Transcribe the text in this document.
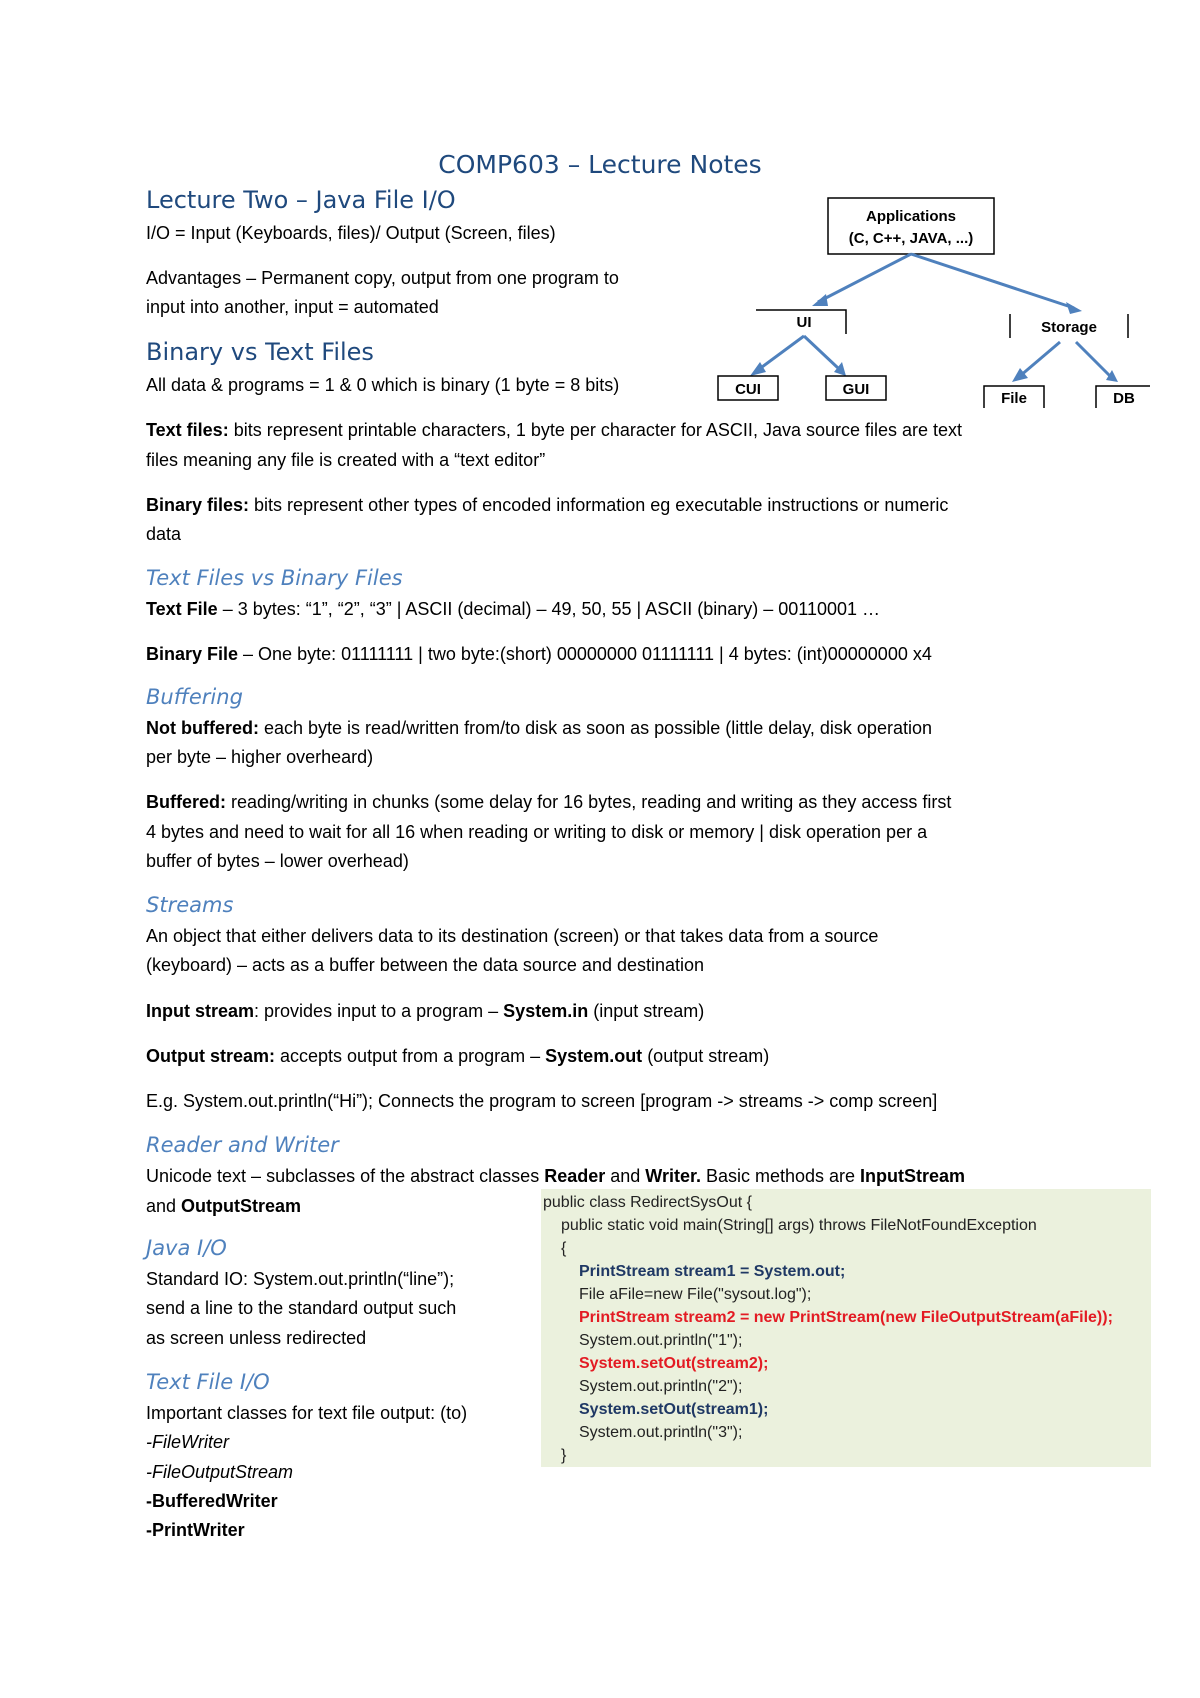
COMP603 – Lecture Notes
Lecture Two – Java File I/O
I/O = Input (Keyboards, files)/ Output (Screen, files)
Advantages – Permanent copy, output from one program to
input into another, input = automated
Applications
(C, C++, JAVA, ...)
UI	Storage
CUI	GUI
File	DB
Binary vs Text Files
All data & programs = 1 & 0 which is binary (1 byte = 8 bits)
Text files: bits represent printable characters, 1 byte per character for ASCII, Java source files are text
files meaning any file is created with a “text editor”
Binary files: bits represent other types of encoded information eg executable instructions or numeric
data
Text Files vs Binary Files
Text File – 3 bytes: “1”, “2”, “3” | ASCII (decimal) – 49, 50, 55 | ASCII (binary) – 00110001 …
Binary File – One byte: 01111111 | two byte:(short) 00000000 01111111 | 4 bytes: (int)00000000 x4
Buffering
Not buffered: each byte is read/written from/to disk as soon as possible (little delay, disk operation
per byte – higher overheard)
Buffered: reading/writing in chunks (some delay for 16 bytes, reading and writing as they access first
4 bytes and need to wait for all 16 when reading or writing to disk or memory | disk operation per a
buffer of bytes – lower overhead)
Streams
An object that either delivers data to its destination (screen) or that takes data from a source
(keyboard) – acts as a buffer between the data source and destination
Input stream: provides input to a program – System.in (input stream)
Output stream: accepts output from a program – System.out (output stream)
E.g. System.out.println(“Hi”); Connects the program to screen [program -> streams -> comp screen]
Reader and Writer
Unicode text – subclasses of the abstract classes Reader and Writer. Basic methods are InputStream
and OutputStream
Java I/O
Standard IO: System.out.println(“line”);
send a line to the standard output such
as screen unless redirected
Text File I/O
Important classes for text file output: (to)
-FileWriter
-FileOutputStream
-BufferedWriter
-PrintWriter
public class RedirectSysOut {
public static void main(String[] args) throws FileNotFoundException
{
PrintStream stream1 = System.out;
File aFile=new File("sysout.log");
PrintStream stream2 = new PrintStream(new FileOutputStream(aFile));
System.out.println("1");
System.setOut(stream2);
System.out.println("2");
System.setOut(stream1);
System.out.println("3");
}
